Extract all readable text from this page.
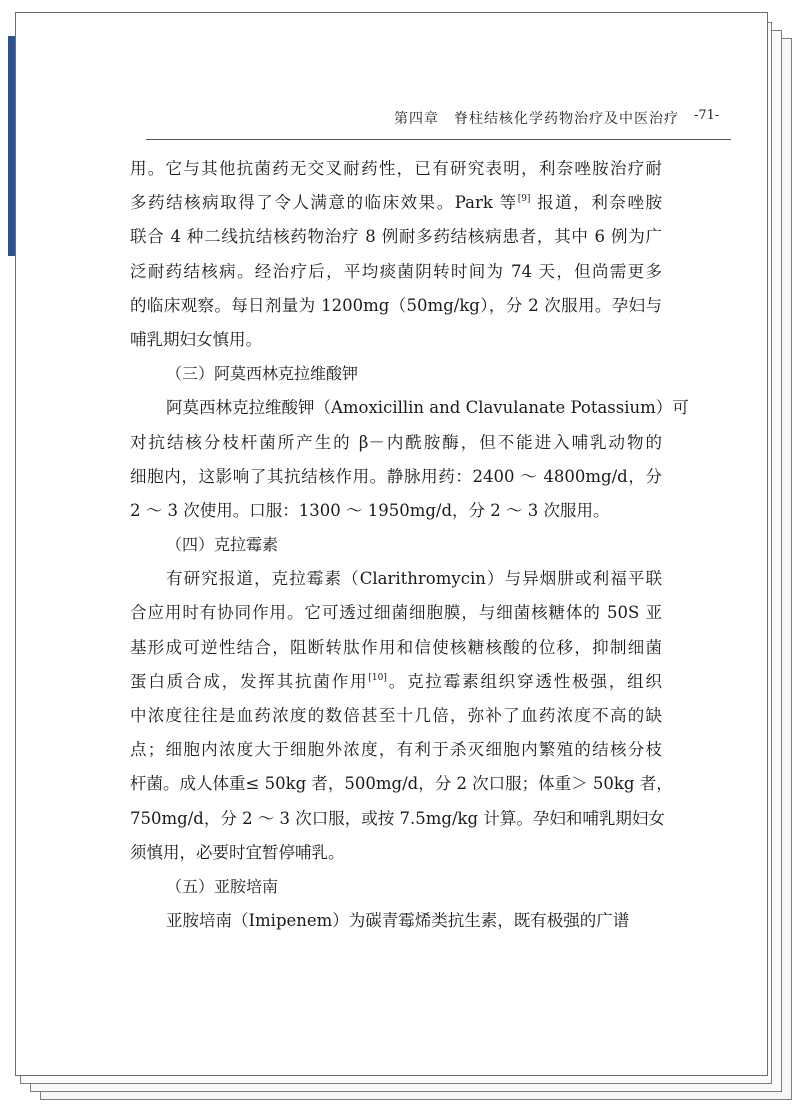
第四章　脊柱结核化学药物治疗及中医治疗 -71-
用。它与其他抗菌药无交叉耐药性，已有研究表明，利奈唑胺治疗耐
多药结核病取得了令人满意的临床效果。Park 等[9] 报道，利奈唑胺
联合 4 种二线抗结核药物治疗 8 例耐多药结核病患者，其中 6 例为广
泛耐药结核病。经治疗后，平均痰菌阴转时间为 74 天，但尚需更多
的临床观察。每日剂量为 1200mg（50mg/kg），分 2 次服用。孕妇与
哺乳期妇女慎用。
（三）阿莫西林克拉维酸钾
阿莫西林克拉维酸钾（Amoxicillin and Clavulanate Potassium）可
对抗结核分枝杆菌所产生的 β－内酰胺酶，但不能进入哺乳动物的
细胞内，这影响了其抗结核作用。静脉用药：2400 ～ 4800mg/d，分
2 ～ 3 次使用。口服：1300 ～ 1950mg/d，分 2 ～ 3 次服用。
（四）克拉霉素
有研究报道，克拉霉素（Clarithromycin）与异烟肼或利福平联
合应用时有协同作用。它可透过细菌细胞膜，与细菌核糖体的 50S 亚
基形成可逆性结合，阻断转肽作用和信使核糖核酸的位移，抑制细菌
蛋白质合成，发挥其抗菌作用[10]。克拉霉素组织穿透性极强，组织
中浓度往往是血药浓度的数倍甚至十几倍，弥补了血药浓度不高的缺
点；细胞内浓度大于细胞外浓度，有利于杀灭细胞内繁殖的结核分枝
杆菌。成人体重≤ 50kg 者，500mg/d，分 2 次口服；体重＞ 50kg 者，
750mg/d，分 2 ～ 3 次口服，或按 7.5mg/kg 计算。孕妇和哺乳期妇女
须慎用，必要时宜暂停哺乳。
（五）亚胺培南
亚胺培南（Imipenem）为碳青霉烯类抗生素，既有极强的广谱
